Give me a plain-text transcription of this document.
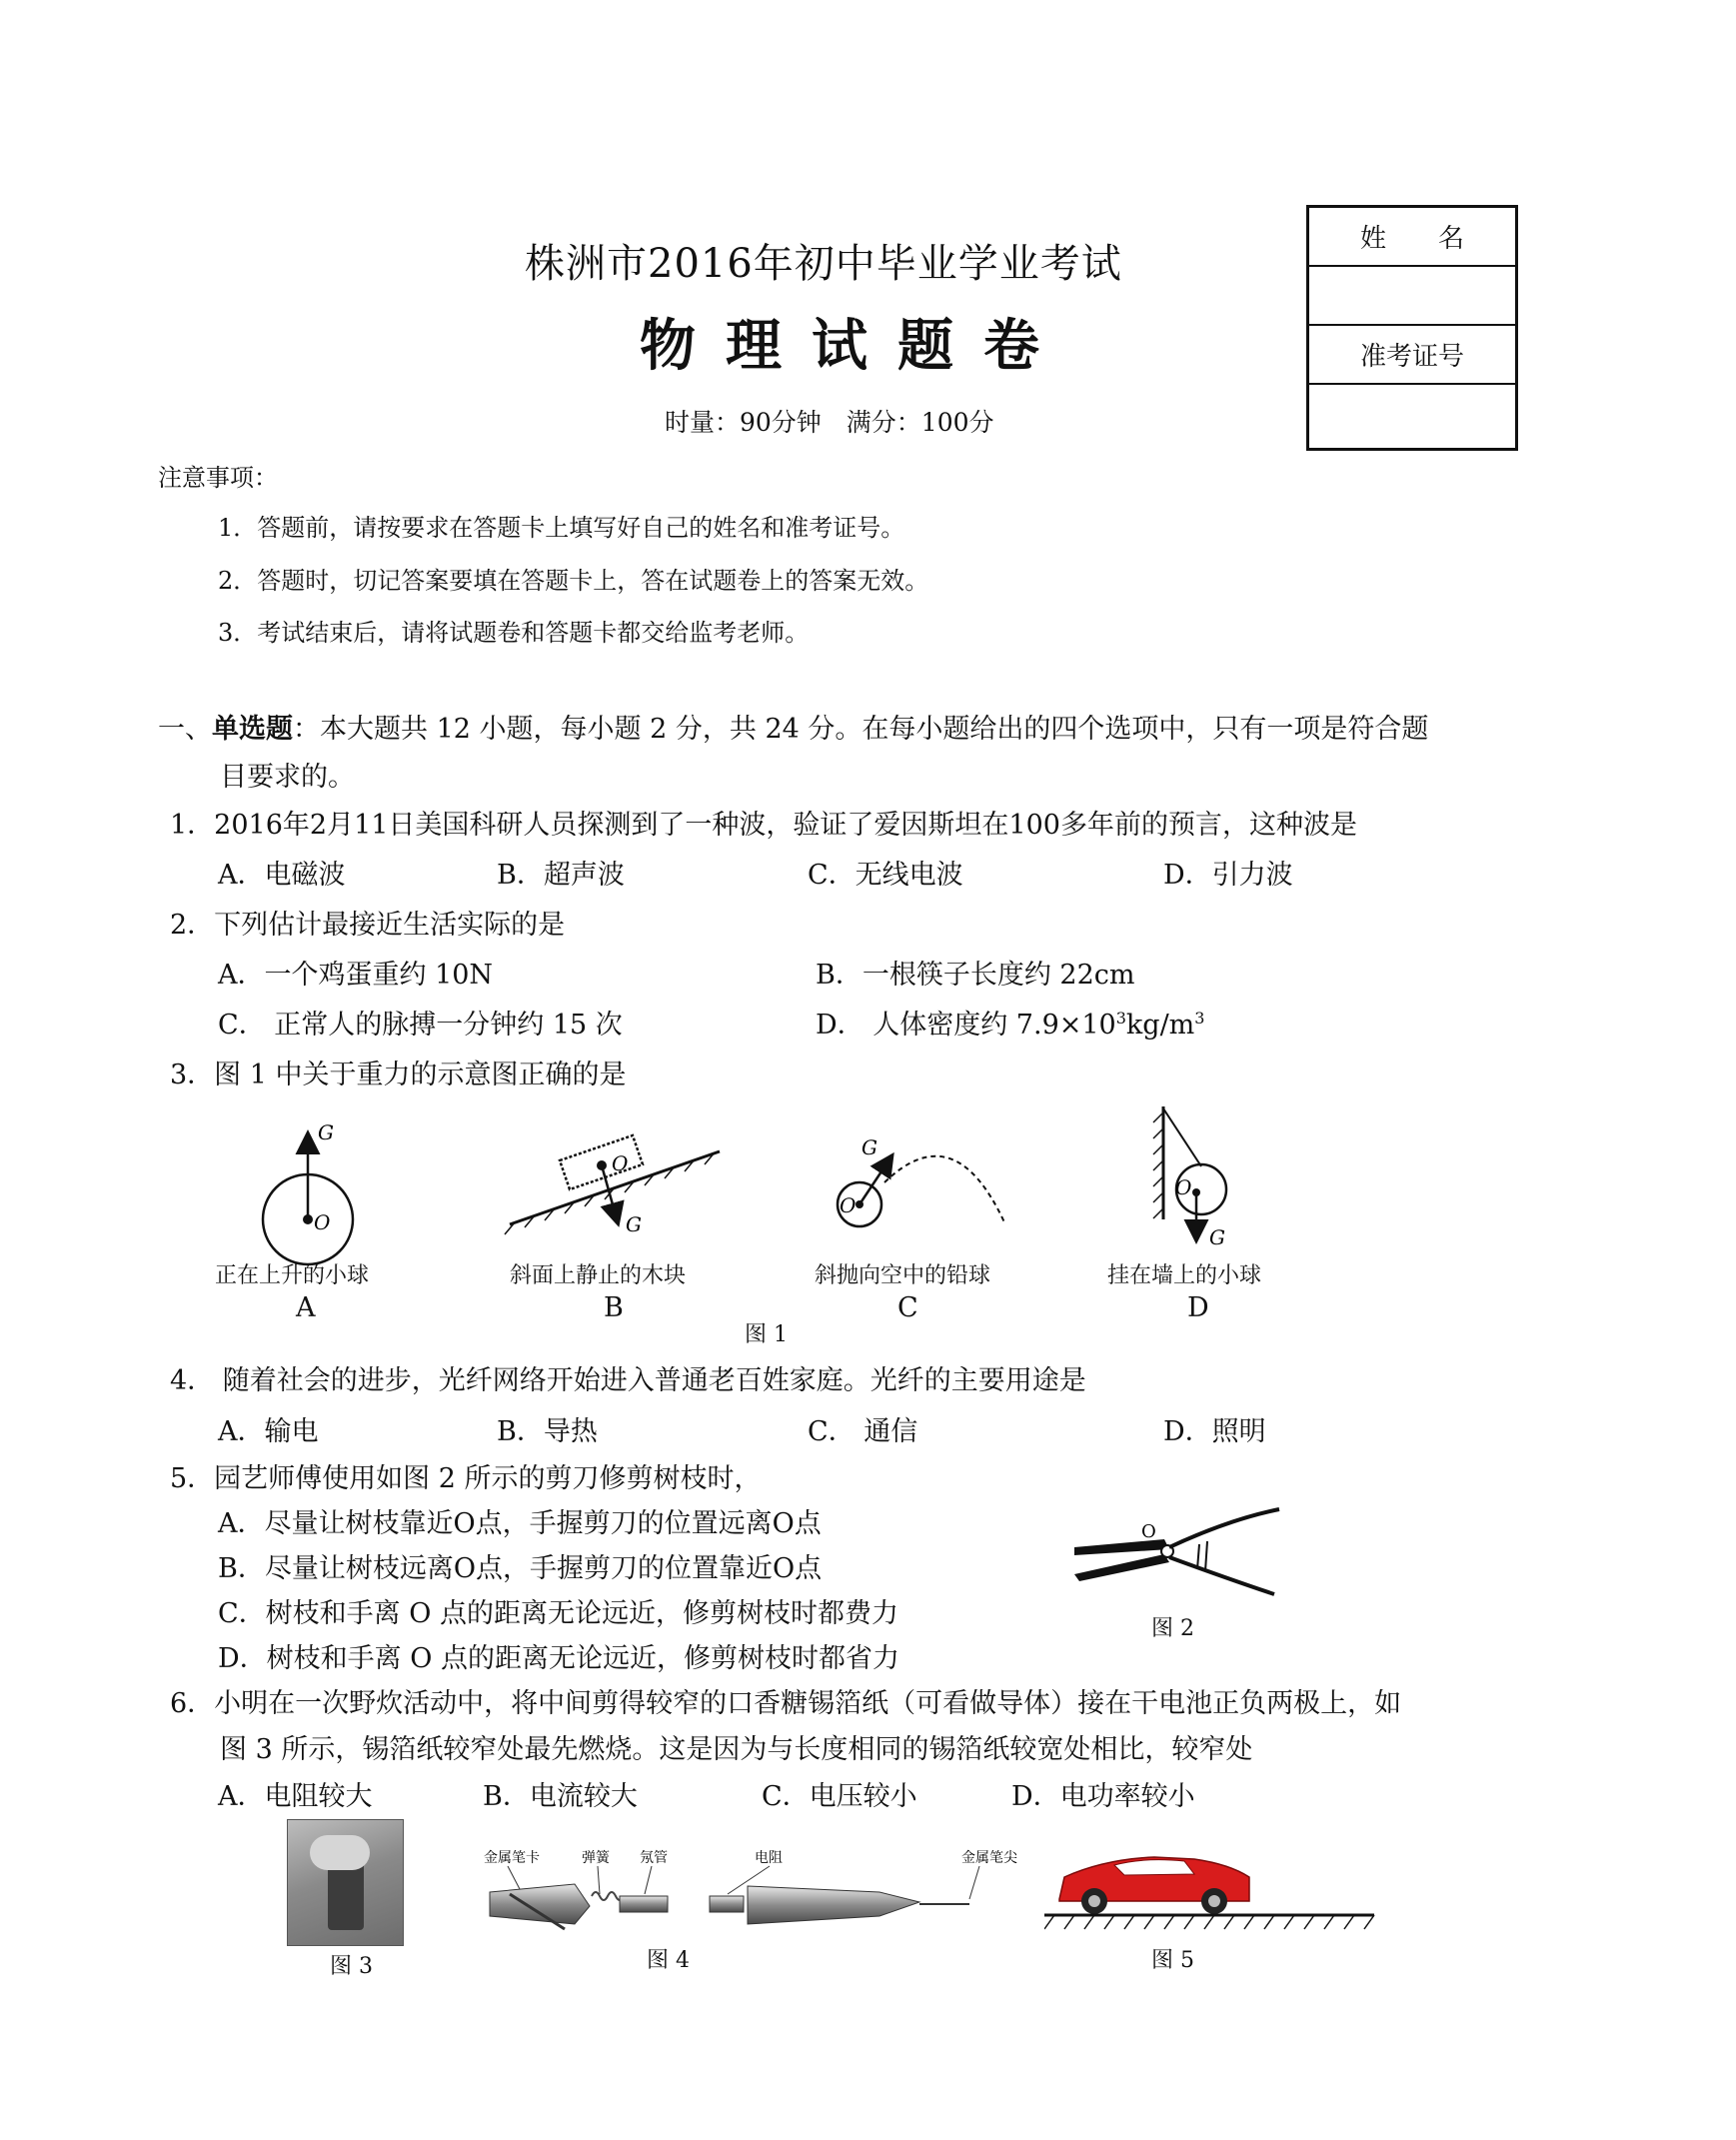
株洲市2016年初中毕业学业考试
物理试题卷
时量：90分钟　满分：100分
姓　　名
准考证号
注意事项：
1．答题前，请按要求在答题卡上填写好自己的姓名和准考证号。
2．答题时，切记答案要填在答题卡上，答在试题卷上的答案无效。
3．考试结束后，请将试题卷和答题卡都交给监考老师。
一、单选题：本大题共 12 小题，每小题 2 分，共 24 分。在每小题给出的四个选项中，只有一项是符合题
目要求的。
1．2016年2月11日美国科研人员探测到了一种波，验证了爱因斯坦在100多年前的预言，这种波是
A．电磁波	B．超声波	C．无线电波	D．引力波
2．下列估计最接近生活实际的是
A．一个鸡蛋重约 10N	B．一根筷子长度约 22cm
C． 正常人的脉搏一分钟约 15 次	D． 人体密度约 $7.9\times 10^3kg/m^3$
3．图 1 中关于重力的示意图正确的是
G
O	G
O
G
O
G
O
正在上升的小球	斜面上静止的木块	斜抛向空中的铅球	挂在墙上的小球
A	B	C	D
图 1
4． 随着社会的进步，光纤网络开始进入普通老百姓家庭。光纤的主要用途是
A．输电	B．导热	C． 通信	D．照明
5．园艺师傅使用如图 2 所示的剪刀修剪树枝时，
A．尽量让树枝靠近O点，手握剪刀的位置远离O点
B．尽量让树枝远离O点，手握剪刀的位置靠近O点
C．树枝和手离 O 点的距离无论远近，修剪树枝时都费力
D．树枝和手离 O 点的距离无论远近，修剪树枝时都省力
O
图 2
6．小明在一次野炊活动中，将中间剪得较窄的口香糖锡箔纸（可看做导体）接在干电池正负两极上，如
图 3 所示，锡箔纸较窄处最先燃烧。这是因为与长度相同的锡箔纸较宽处相比，较窄处
A．电阻较大	B．电流较大	C．电压较小	D．电功率较小
图 3
金属笔卡	弹簧 氖管	电阻	金属笔尖
图 4	图 5
